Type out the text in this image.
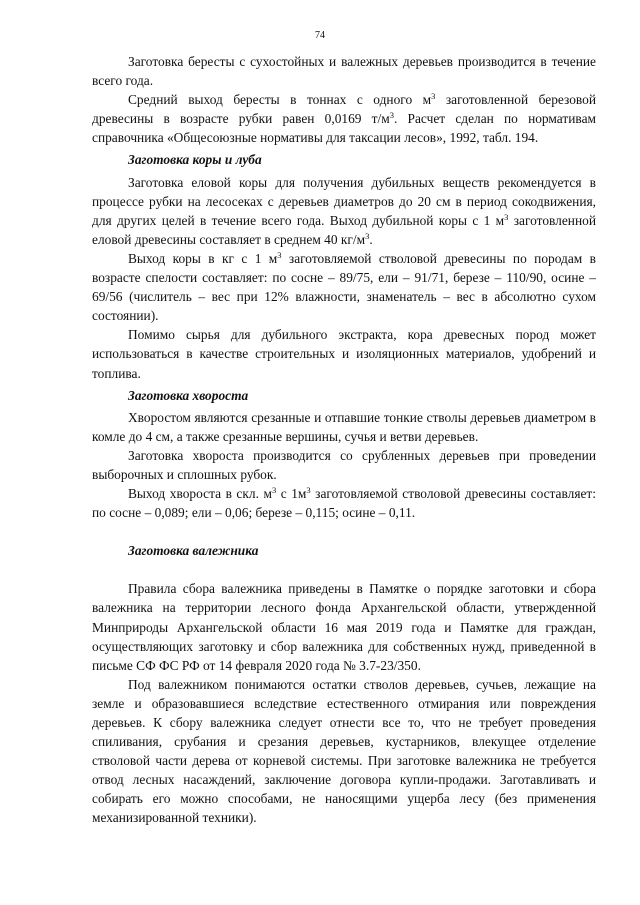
74

Заготовка бересты с сухостойных и валежных деревьев производится в течение всего года.

Средний выход бересты в тоннах с одного $м^3$ заготовленной березовой древесины в возрасте рубки равен 0,0169 $т/м^3$. Расчет сделан по нормативам справочника «Общесоюзные нормативы для таксации лесов», 1992, табл. 194.

Заготовка коры и луба

Заготовка еловой коры для получения дубильных веществ рекомендуется в процессе рубки на лесосеках с деревьев диаметров до 20 см в период сокодвижения, для других целей в течение всего года. Выход дубильной коры с 1 $м^3$ заготовленной еловой древесины составляет в среднем 40 $кг/м^3$.

Выход коры в кг с 1 $м^3$ заготовляемой стволовой древесины по породам в возрасте спелости составляет: по сосне – 89/75, ели – 91/71, березе – 110/90, осине – 69/56 (числитель – вес при 12% влажности, знаменатель – вес в абсолютно сухом состоянии).

Помимо сырья для дубильного экстракта, кора древесных пород может использоваться в качестве строительных и изоляционных материалов, удобрений и топлива.

Заготовка хвороста

Хворостом являются срезанные и отпавшие тонкие стволы деревьев диаметром в комле до 4 см, а также срезанные вершины, сучья и ветви деревьев.

Заготовка хвороста производится со срубленных деревьев при проведении выборочных и сплошных рубок.

Выход хвороста в скл. $м^3$ с $1м^3$ заготовляемой стволовой древесины составляет: по сосне – 0,089; ели – 0,06; березе – 0,115; осине – 0,11.

Заготовка валежника

Правила сбора валежника приведены в Памятке о порядке заготовки и сбора валежника на территории лесного фонда Архангельской области, утвержденной Минприроды Архангельской области 16 мая 2019 года и Памятке для граждан, осуществляющих заготовку и сбор валежника для собственных нужд, приведенной в письме СФ ФС РФ от 14 февраля 2020 года № 3.7-23/350.

Под валежником понимаются остатки стволов деревьев, сучьев, лежащие на земле и образовавшиеся вследствие естественного отмирания или повреждения деревьев. К сбору валежника следует отнести все то, что не требует проведения спиливания, срубания и срезания деревьев, кустарников, влекущее отделение стволовой части дерева от корневой системы. При заготовке валежника не требуется отвод лесных насаждений, заключение договора купли-продажи. Заготавливать и собирать его можно способами, не наносящими ущерба лесу (без применения механизированной техники).
